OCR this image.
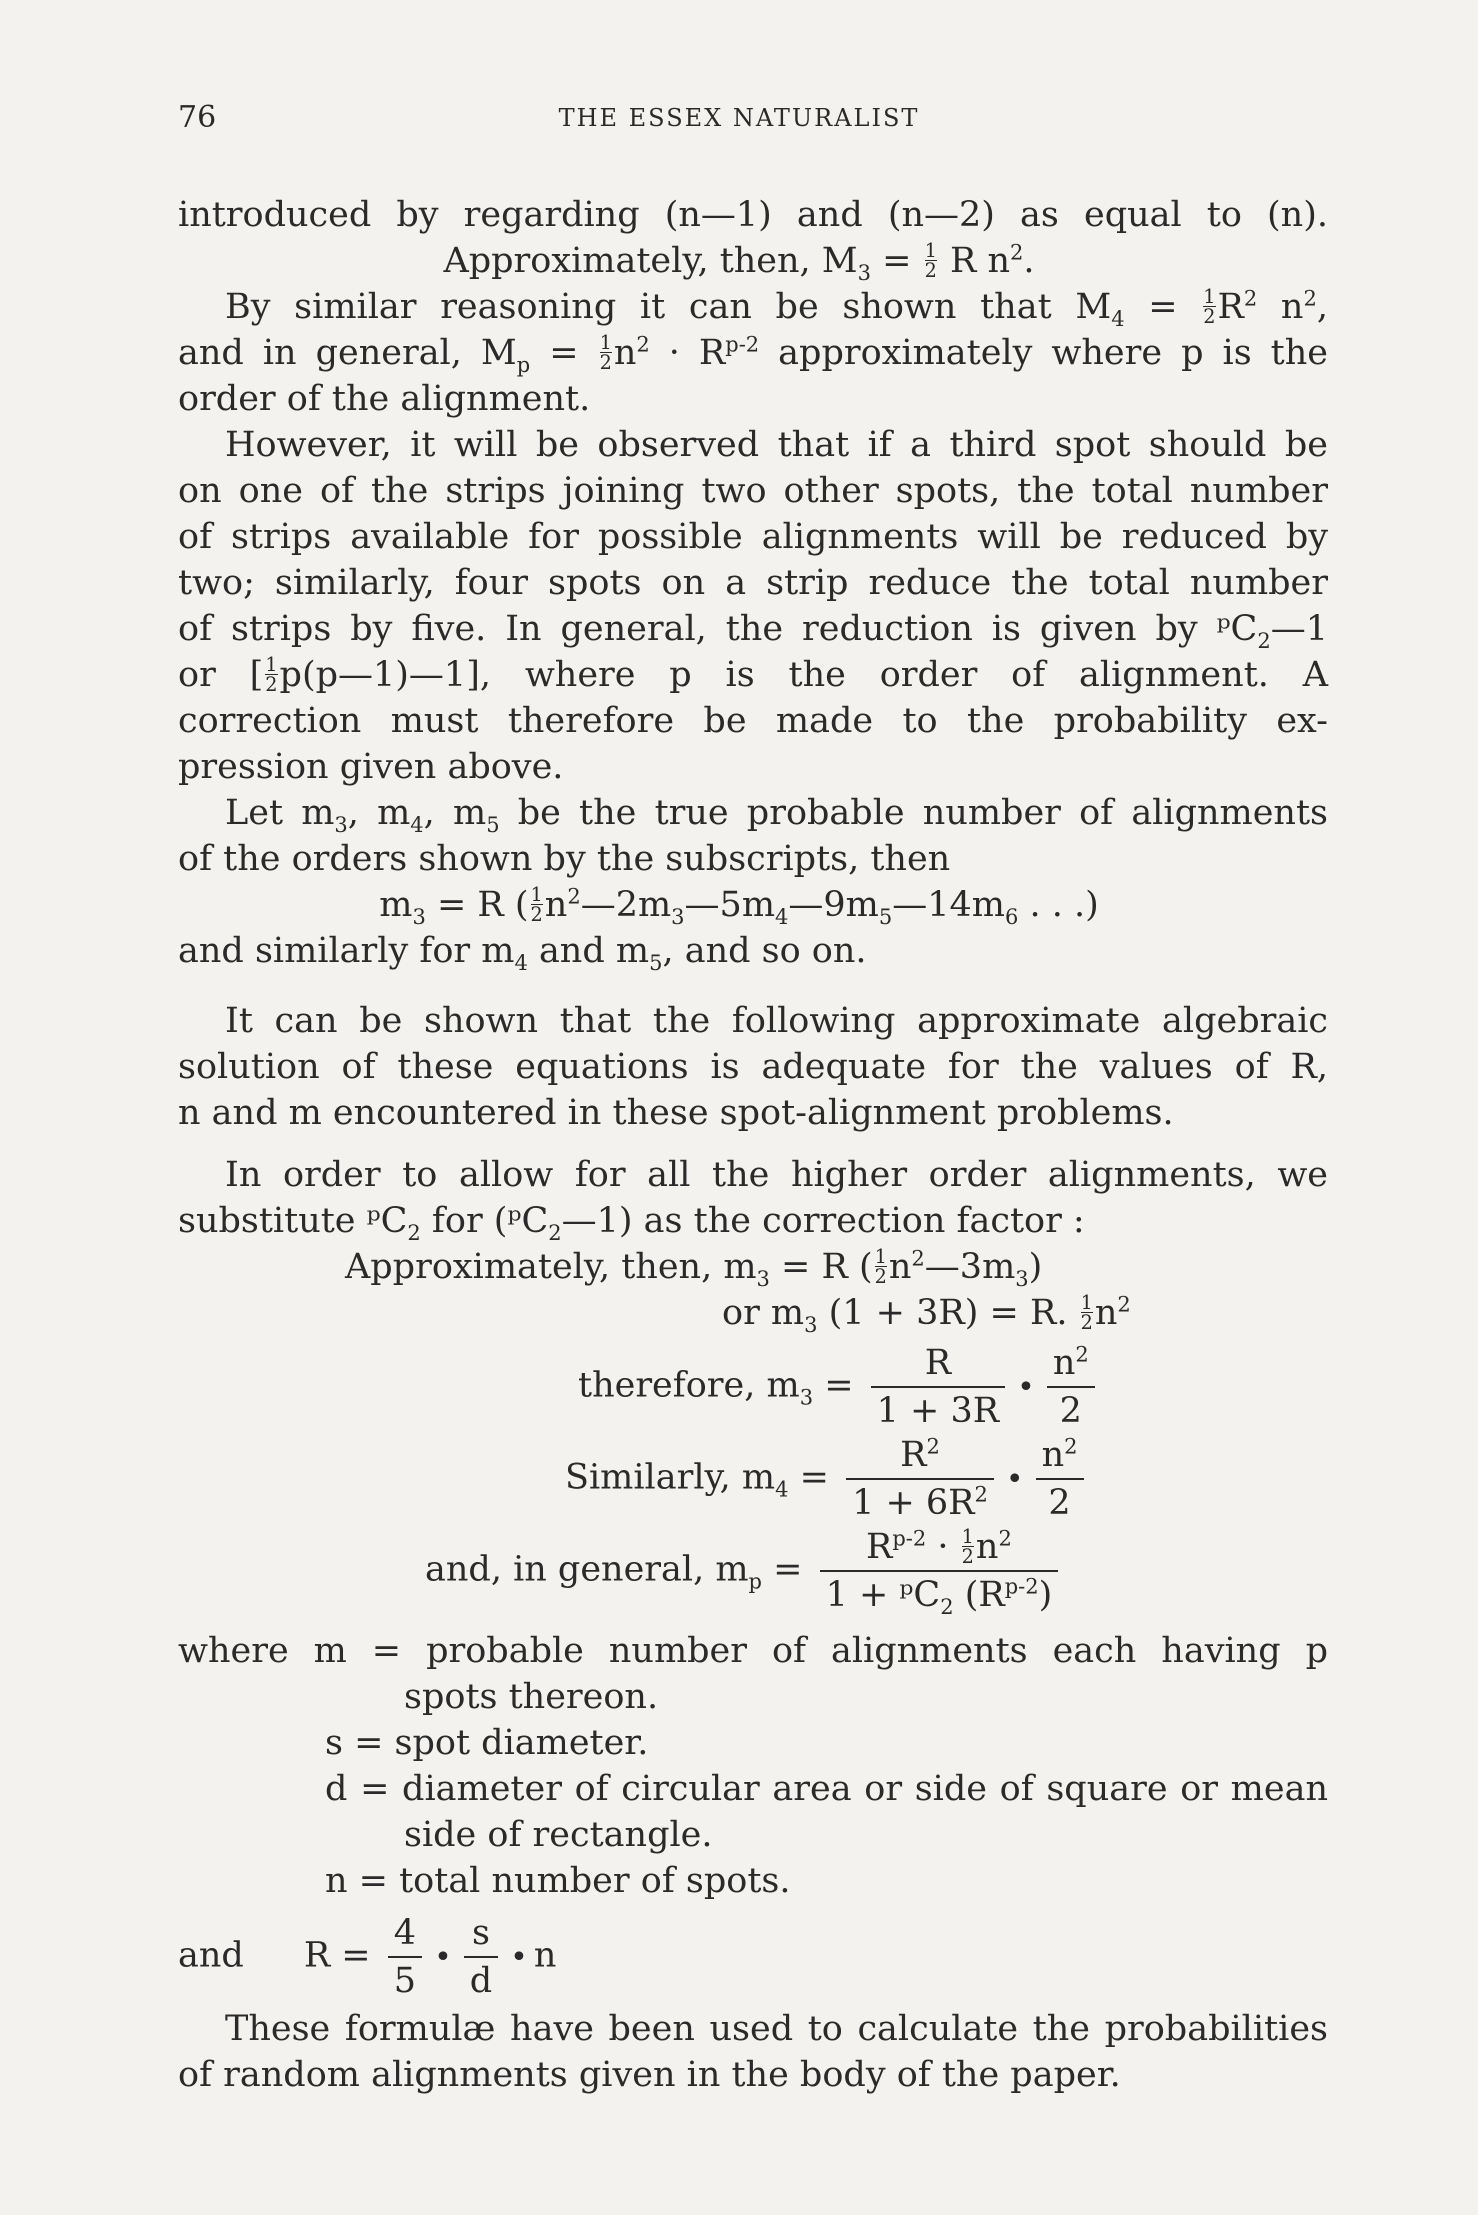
76	THE ESSEX NATURALIST
introduced by regarding (n—1) and (n—2) as equal to (n).
Approximately, then, $M_3 = \frac{1}{2}$ R $n^2$.
By similar reasoning it can be shown that $M_4 = \frac{1}{2} R^2$ $n^2$,
and in general, $M_p = \frac{1}{2} n^2 \cdot R^{p-2}$ approximately where p is the
order of the alignment.
However, it will be observed that if a third spot should be
on one of the strips joining two other spots, the total number
of strips available for possible alignments will be reduced by
two; similarly, four spots on a strip reduce the total number
of strips by five. In general, the reduction is given by ᵖC$_2$—1
or [ $\frac{1}{2}$ p(p—1)—1], where p is the order of alignment. A
correction must therefore be made to the probability ex-
pression given above.
Let $m_3$, $m_4$, $m_5$ be the true probable number of alignments
of the orders shown by the subscripts, then
$m_3 = R$ ( $\frac{1}{2}$ $n^2—2m_3—5m_4—9m_5—14m_6$ . . .)
and similarly for $m_4$ and $m_5$, and so on.
It can be shown that the following approximate algebraic
solution of these equations is adequate for the values of R,
n and m encountered in these spot-alignment problems.
In order to allow for all the higher order alignments, we
substitute ᵖC$_2$ for (ᵖC$_2$—1) as the correction factor :
Approximately, then, $m_3 = R$ ( $\frac{1}{2}$ $n^2—3m_3$)
or $m_3$ (1 + 3R) = R. $\frac{1}{2} n^2$
therefore, $m_3 = \frac{R}{1 + 3R}$ • $\frac{n^2}{2}$
Similarly, $m_4 = \frac{R^2}{1 + 6R^2}$ • $\frac{n^2}{2}$
and, in general, $m_p = \frac{R^{p-2} \cdot \frac{1}{2} n^2}{1 + ᵖC_2 (R^{p-2})}$
where m = probable number of alignments each having p
spots thereon.
s = spot diameter.
d = diameter of circular area or side of square or mean
side of rectangle.
n = total number of spots.
and $R = \frac{4}{5}$ • $\frac{s}{d}$ • n
These formulæ have been used to calculate the probabilities
of random alignments given in the body of the paper.
